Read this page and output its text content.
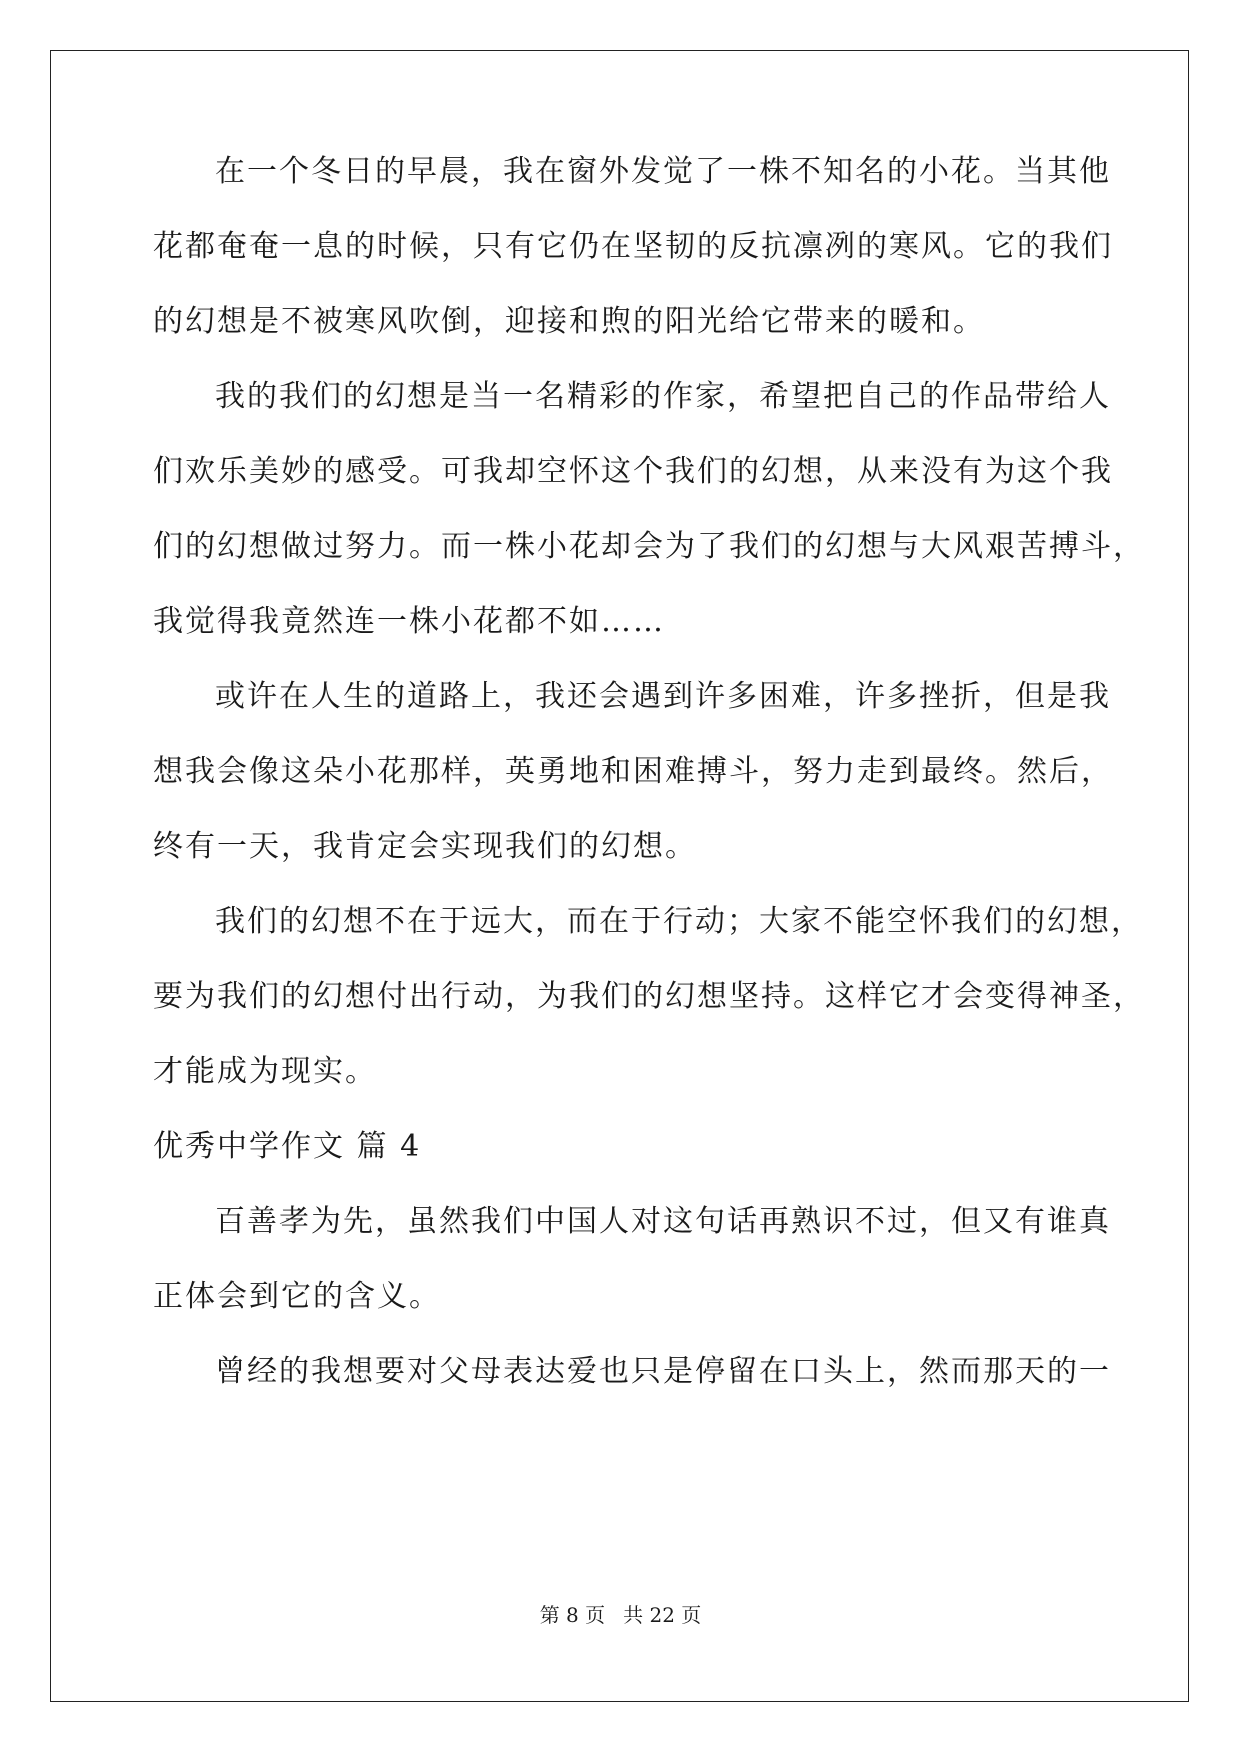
在一个冬日的早晨，我在窗外发觉了一株不知名的小花。当其他
花都奄奄一息的时候，只有它仍在坚韧的反抗凛冽的寒风。它的我们
的幻想是不被寒风吹倒，迎接和煦的阳光给它带来的暖和。
我的我们的幻想是当一名精彩的作家，希望把自己的作品带给人
们欢乐美妙的感受。可我却空怀这个我们的幻想，从来没有为这个我
们的幻想做过努力。而一株小花却会为了我们的幻想与大风艰苦搏斗，
我觉得我竟然连一株小花都不如……
或许在人生的道路上，我还会遇到许多困难，许多挫折，但是我
想我会像这朵小花那样，英勇地和困难搏斗，努力走到最终。然后，
终有一天，我肯定会实现我们的幻想。
我们的幻想不在于远大，而在于行动；大家不能空怀我们的幻想，
要为我们的幻想付出行动，为我们的幻想坚持。这样它才会变得神圣，
才能成为现实。
优秀中学作文 篇 4
百善孝为先，虽然我们中国人对这句话再熟识不过，但又有谁真
正体会到它的含义。
曾经的我想要对父母表达爱也只是停留在口头上，然而那天的一
第 8 页 共 22 页
